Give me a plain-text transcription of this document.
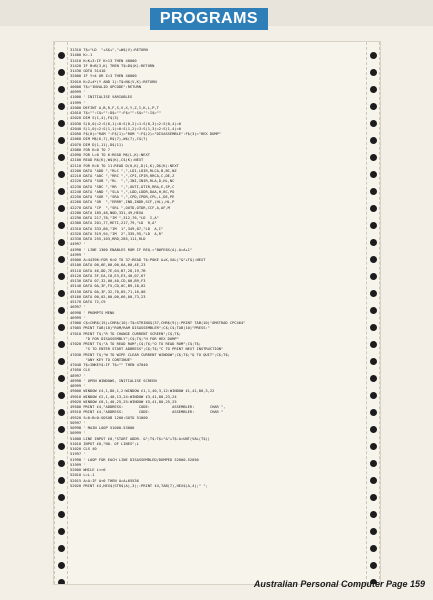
PROGRAMS
31310 T$="LD  "+S$+","+W$(V):RETURN
31400 K=-1
31410 K=K+3:IF K>13 THEN 40000
31420 IF B<B(3,K) THEN T$=D$(K):RETURN
31430 GOTO 31410
32000 IF Y<4 OR Z=3 THEN 40000
32010 K=Z+4*(Y AND 1):T$=N$(V,K):RETURN
40000 T$="INVALID OPCODE":RETURN
40999 '
41000 ' INITIALISE VARIABLES
41999 '
42000 DEFINT A,B,R,F,S,V,X,Y,Z,I,K,L,P,T
42010 T$="":C$="":D$="":F$="":S$="":I$=""
42020 DIM S(1,4),F$(3)
42030 S(0,0)=2:S(0,1)=0:S(0,2)=1:S(0,3)=2:S(0,4)=0
42040 S(1,0)=2:S(1,1)=0:S(1,2)=3:S(1,3)=2:S(1,4)=0
42050 F$(0)="RAM ":F$(1)="ROM ":F$(2)="DISASSEMBLE":F$(3)="HEX DUMP"
42060 DIM M$(6,7),R$(7),W$(7),C$(7)
42070 DIM D(1,11),D$(11)
42080 FOR K=0 TO 7
42090 FOR L=0 TO 6:READ M$(L,K):NEXT
42100 READ R$(K),W$(K),C$(K):NEXT
42110 FOR K=0 TO 11:READ D(0,K),D(1,K),D$(K):NEXT
42200 DATA "ADD ","RLC ",",LDI,LDIR,RLCA,B,BC,NZ
42210 DATA "ADC ","RRC ",",CPI,CPIR,RRCA,C,DE,Z
42220 DATA "SUB ","RL  ",",INI,INIR,RLA,D,HL,NC
42230 DATA "SBC ","RR  ",",OUTI,OTIR,RRA,E,SP,C
42240 DATA "AND ","SLA ",",LDD,LDDR,DAA,H,BC,PO
42250 DATA "XOR ","SRA ",",CPD,CPDR,CPL,L,DE,PE
42260 DATA "OR  ","ERRR",IND,INDR,SCF,(HL),HL,P
42270 DATA "CP  ","SRL ",OUTD,OTDR,CCF,A,AF,M
42280 DATA 185,48,NOD,331,49,HEXA
42290 DATA 217,78,"IM ",312,76,"LD  I,A"
42300 DATA 201,77,RETI,217,79,"LD  R,A"
42310 DATA 333,86,"IM  1",349,87,"LD  A,I"
42320 DATA 319,94,"IM  2",335,95,"LD  A,R"
42330 DATA 255,103,RRD,285,111,RLD
44997 '
44998 ' LINE 1300 ENABLES ROM IF REQ.="B#FE6X(A).A=A+1"
44999 '
45000 A=44396:FOR K=0 TO 37:READ T$:POKE A+K,VAL("&"+T$):NEXT
45100 DATA 00,6E,00,00,6A,00,4E,23
45110 DATA 46,DD,7E,04,B7,28,19,7B
45120 DATA 3F,EA,C0,E3,E3,40,07,67
45130 DATA 07,32,00,40,CD,00,B9,F3
45140 DATA 0A,3F,F5,CD,0C,B9,18,02
45150 DATA 0A,3F,32,70,85,71,16,00
45160 DATA 00,02,00,00,66,00,73,23
45170 DATA 72,C9
46997 '
46998 ' PROMPTS MENU
46999 '
47000 C$=CHR$(15)+CHR$(10):T$=STRING$(37,CHR$(9)):PRINT TAB(10)"AMSTRAD CPC464"
47005 PRINT TAB(10)"ROM/RAM DISASSEMBLER";C$;C$;TAB(10)"PRESS:"
47010 PRINT T$;"R TO CHANGE CURRENT SCREEN";C$;T$;
"D FOR DISASSEMBLY";C$;T$;"H FOR HEX DUMP"
47020 PRINT T$;"A TO READ RAM";C$;T$;"O TO READ ROM";C$;T$;
"S TO ENTER START ADDRESS";C$;T$;"C TO PRINT NEXT INSTRUCTION"
47030 PRINT T$;"W TO WIPE CLEAR CURRENT WINDOW";C$;T$;"Q TO QUIT";C$;T$;
"ANY KEY TO CONTINUE"
47040 T$=INKEY$:IF T$="" THEN 47040
47050 CLS
48997 '
48998 ' OPEN WINDOWS, INITIALISE SCREEN
48999 '
49000 WINDOW £4,1,80,1,2:WINDOW £1,1,40,3,12:WINDOW £1,41,80,3,22
49010 WINDOW £2,1,40,13,24:WINDOW £3,41,80,23,24
49020 WINDOW £0,1,40,25,25:WINDOW £5,41,80,25,25
49500 PRINT £4,"ADDRESS:       CODE:          ASSEMBLER:       CHAR ",
49510 PRINT £4,"ADDRESS:       CODE:          ASSEMBLER:       CHAR "
49520 S=0:B=0:GOSUB 1200:GOTO 51000
50997 '
50998 ' MAIN LOOP 51000-53000
50999 '
51000 LINE INPUT £0,"START ADDR. &";T$:T$="&"+T$:A=UNT(VAL(T$))
51010 INPUT £0,"NO. OF LINES";L
51020 CLS £0
51997 '
51998 ' LOOP FOR EACH LINE DISASSEMBLED/DUMPED 52000-52050
51999 '
52000 WHILE L<>0
52010 L=L-1
52015 A=A:IF A<0 THEN A=A+65536
52020 PRINT £4,HEX$(STR$(A),3);:PRINT £4,TAB(7),HEX$(A,4);" ";
Australian Personal Computer Page 159
